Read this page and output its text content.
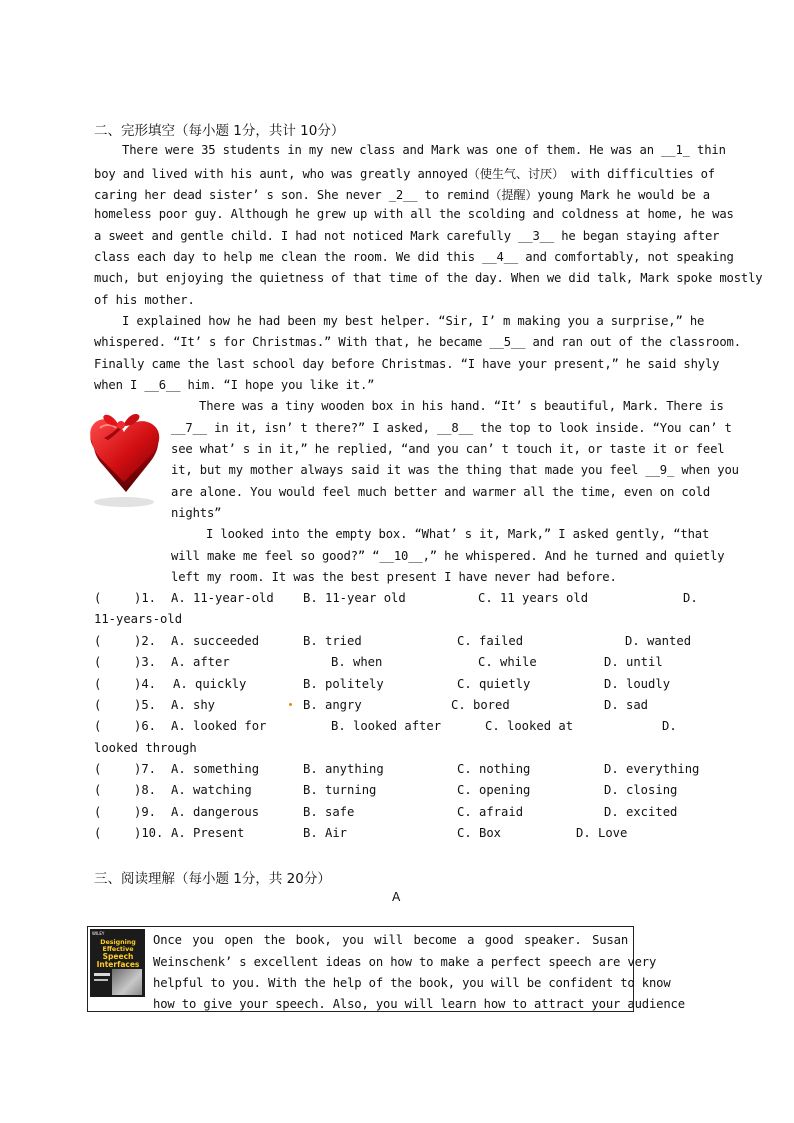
二、完形填空（每小题 1分，共计 10分）
There were 35 students in my new class and Mark was one of them. He was an __1_ thin
boy and lived with his aunt, who was greatly annoyed（使生气、讨厌） with difficulties of
caring her dead sister’ s son. She never _2__ to remind（提醒）young Mark he would be a
homeless poor guy. Although he grew up with all the scolding and coldness at home, he was
a sweet and gentle child. I had not noticed Mark carefully __3__ he began staying after
class each day to help me clean the room. We did this __4__ and comfortably, not speaking
much, but enjoying the quietness of that time of the day. When we did talk, Mark spoke mostly
of his mother.
I explained how he had been my best helper. “Sir, I’ m making you a surprise,” he
whispered. “It’ s for Christmas.” With that, he became __5__ and ran out of the classroom.
Finally came the last school day before Christmas. “I have your present,” he said shyly
when I __6__ him. “I hope you like it.”
There was a tiny wooden box in his hand. “It’ s beautiful, Mark. There is
__7__ in it, isn’ t there?” I asked, __8__ the top to look inside. “You can’ t
see what’ s in it,” he replied, “and you can’ t touch it, or taste it or feel
it, but my mother always said it was the thing that made you feel __9_ when you
are alone. You would feel much better and warmer all the time, even on cold
nights”
I looked into the empty box. “What’ s it, Mark,” I asked gently, “that
will make me feel so good?” “__10__,” he whispered. And he turned and quietly
left my room. It was the best present I have never had before.
(	)1. A. 11-year-old B. 11-year old	C. 11 years old	D.
11-years-old
(	)2. A. succeeded	B. tried	C. failed	D. wanted
(	)3. A. after	B. when	C. while	D. until
(	)4. A. quickly	B. politely	C. quietly	D. loudly
(	)5. A. shy	B. angry	C. bored	D. sad
(	)6. A. looked for	B. looked after	C. looked at	D.
looked through
(	)7. A. something	B. anything	C. nothing	D. everything
(	)8. A. watching	B. turning	C. opening	D. closing
(	)9. A. dangerous	B. safe	C. afraid	D. excited
(	)10. A. Present	B. Air	C. Box	D. Love
三、阅读理解（每小题 1分，共 20分）
A
WILEY
Designing Effective
Speech Interfaces
Once you open the book, you will become a good speaker. Susan
Weinschenk’ s excellent ideas on how to make a perfect speech are very
helpful to you. With the help of the book, you will be confident to know
how to give your speech. Also, you will learn how to attract your audience
